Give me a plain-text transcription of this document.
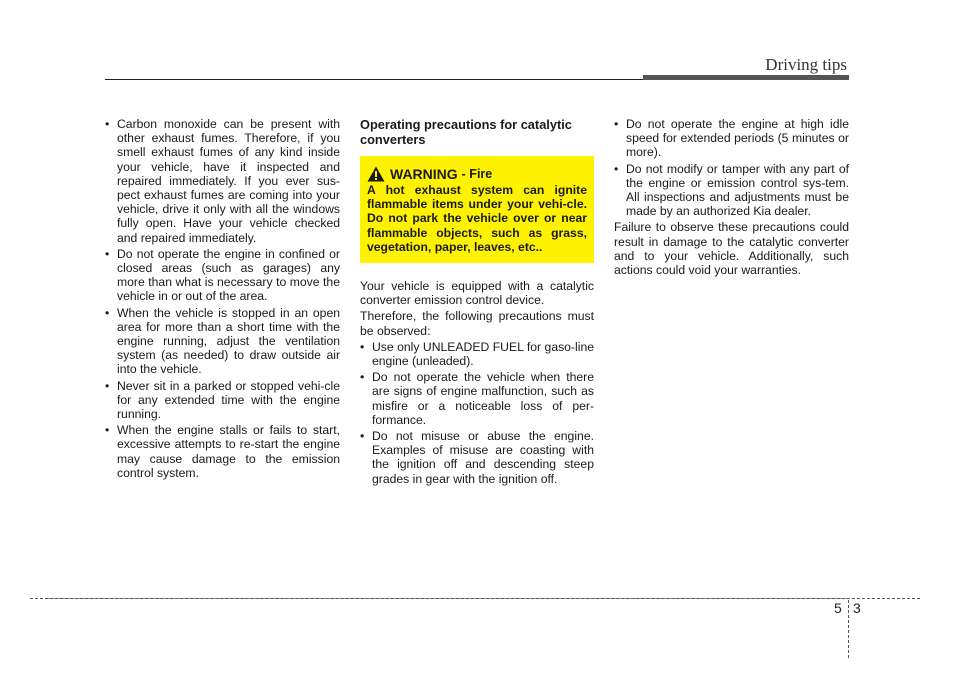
Driving tips
• Carbon monoxide can be present with other exhaust fumes. Therefore, if you smell exhaust fumes of any kind inside your vehicle, have it inspected and repaired immediately. If you ever sus-pect exhaust fumes are coming into your vehicle, drive it only with all the windows fully open. Have your vehicle checked and repaired immediately.
• Do not operate the engine in confined or closed areas (such as garages) any more than what is necessary to move the vehicle in or out of the area.
• When the vehicle is stopped in an open area for more than a short time with the engine running, adjust the ventilation system (as needed) to draw outside air into the vehicle.
• Never sit in a parked or stopped vehi-cle for any extended time with the engine running.
• When the engine stalls or fails to start, excessive attempts to re-start the engine may cause damage to the emission control system.
Operating precautions for catalytic converters
WARNING - Fire
A hot exhaust system can ignite flammable items under your vehi-cle. Do not park the vehicle over or near flammable objects, such as grass, vegetation, paper, leaves, etc..

Your vehicle is equipped with a catalytic converter emission control device.

Therefore, the following precautions must be observed:

• Use only UNLEADED FUEL for gaso-line engine (unleaded).
• Do not operate the vehicle when there are signs of engine malfunction, such as misfire or a noticeable loss of per-formance.
• Do not misuse or abuse the engine. Examples of misuse are coasting with the ignition off and descending steep grades in gear with the ignition off.
• Do not operate the engine at high idle speed for extended periods (5 minutes or more).
• Do not modify or tamper with any part of the engine or emission control sys-tem. All inspections and adjustments must be made by an authorized Kia dealer.

Failure to observe these precautions could result in damage to the catalytic converter and to your vehicle. Additionally, such actions could void your warranties.

5 3
